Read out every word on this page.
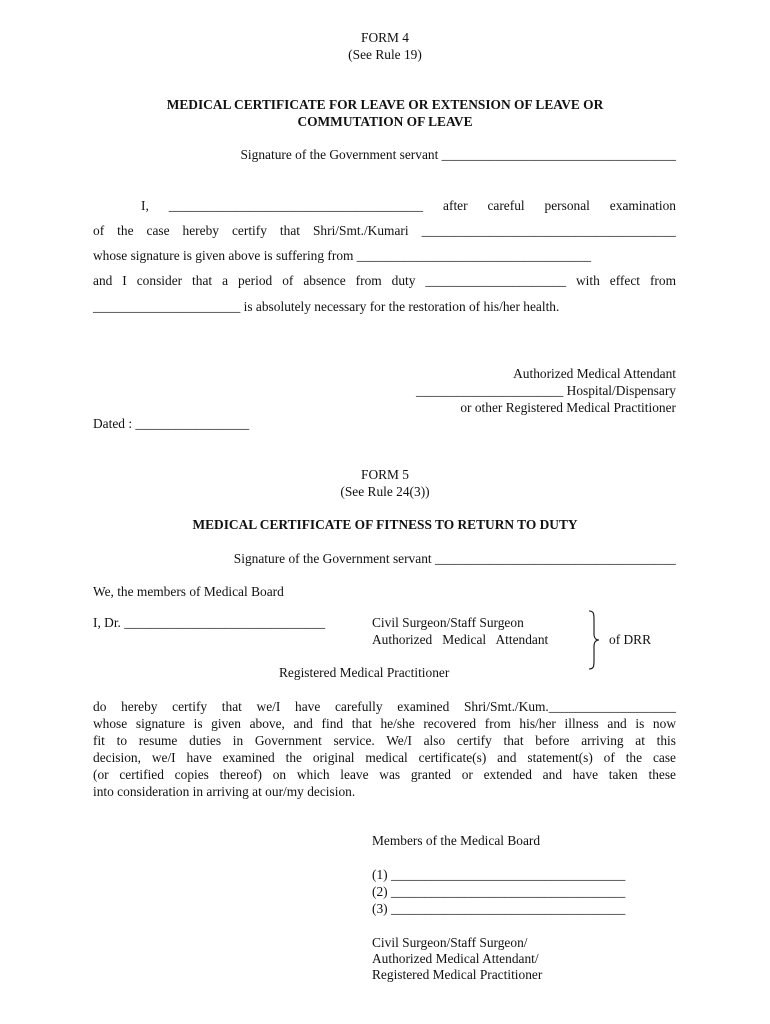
FORM 4
(See Rule 19)
MEDICAL CERTIFICATE FOR LEAVE OR EXTENSION OF LEAVE OR
COMMUTATION OF LEAVE
Signature of the Government servant ___________________________________
I, ______________________________________ after careful personal examination
of the case hereby certify that Shri/Smt./Kumari ______________________________________
whose signature is given above is suffering from ___________________________________
and I consider that a period of absence from duty _____________________ with effect from
______________________ is absolutely necessary for the restoration of his/her health.
Authorized Medical Attendant
______________________ Hospital/Dispensary
or other Registered Medical Practitioner
Dated : _________________
FORM 5
(See Rule 24(3))
MEDICAL CERTIFICATE OF FITNESS TO RETURN TO DUTY
Signature of the Government servant ____________________________________
We, the members of Medical Board
I, Dr. ______________________________	Civil Surgeon/Staff Surgeon
Authorized   Medical   Attendant	of DRR
Registered Medical Practitioner
do hereby certify that we/I have carefully examined Shri/Smt./Kum.___________________
whose signature is given above, and find that he/she recovered from his/her illness and is now
fit to resume duties in Government service. We/I also certify that before arriving at this
decision, we/I have examined the original medical certificate(s) and statement(s) of the case
(or certified copies thereof) on which leave was granted or extended and have taken these
into consideration in arriving at our/my decision.
Members of the Medical Board
(1) ___________________________________
(2) ___________________________________
(3) ___________________________________
Civil Surgeon/Staff Surgeon/
Authorized Medical Attendant/
Registered Medical Practitioner
